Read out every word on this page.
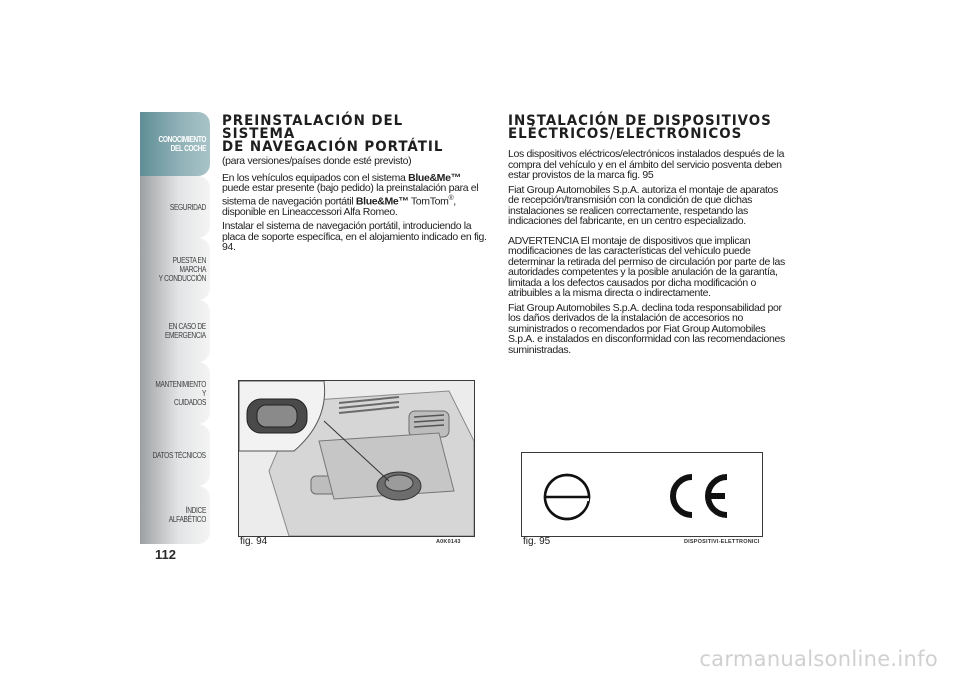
CONOCIMIENTO
DEL COCHE
SEGURIDAD
PUESTA EN MARCHA
Y CONDUCCIÓN
EN CASO DE
EMERGENCIA
MANTENIMIENTO Y
CUIDADOS
DATOS TÉCNICOS
ÍNDICE ALFABÉTICO
112
PREINSTALACIÓN DEL SISTEMA
DE NAVEGACIÓN PORTÁTIL

(para versiones/países donde esté previsto)

En los vehículos equipados con el sistema Blue&Me™ puede estar presente (bajo pedido) la preinstalación para el sistema de navegación portátil Blue&Me™ TomTom®, disponible en Lineaccessori Alfa Romeo.

Instalar el sistema de navegación portátil, introduciendo la placa de soporte específica, en el alojamiento indicado en fig. 94.

INSTALACIÓN DE DISPOSITIVOS
ELÉCTRICOS/ELECTRÓNICOS

Los dispositivos eléctricos/electrónicos instalados después de la compra del vehículo y en el ámbito del servicio posventa deben estar provistos de la marca fig. 95

Fiat Group Automobiles S.p.A. autoriza el montaje de aparatos de recepción/transmisión con la condición de que dichas instalaciones se realicen correctamente, respetando las indicaciones del fabricante, en un centro especializado.

ADVERTENCIA El montaje de dispositivos que implican modificaciones de las características del vehículo puede determinar la retirada del permiso de circulación por parte de las autoridades competentes y la posible anulación de la garantía, limitada a los defectos causados por dicha modificación o atribuibles a la misma directa o indirectamente.

Fiat Group Automobiles S.p.A. declina toda responsabilidad por los daños derivados de la instalación de accesorios no suministrados o recomendados por Fiat Group Automobiles S.p.A. e instalados en disconformidad con las recomendaciones suministradas.

fig. 94	A0K0143	fig. 95	DISPOSITIVI-ELETTRONICI
carmanualsonline.info
